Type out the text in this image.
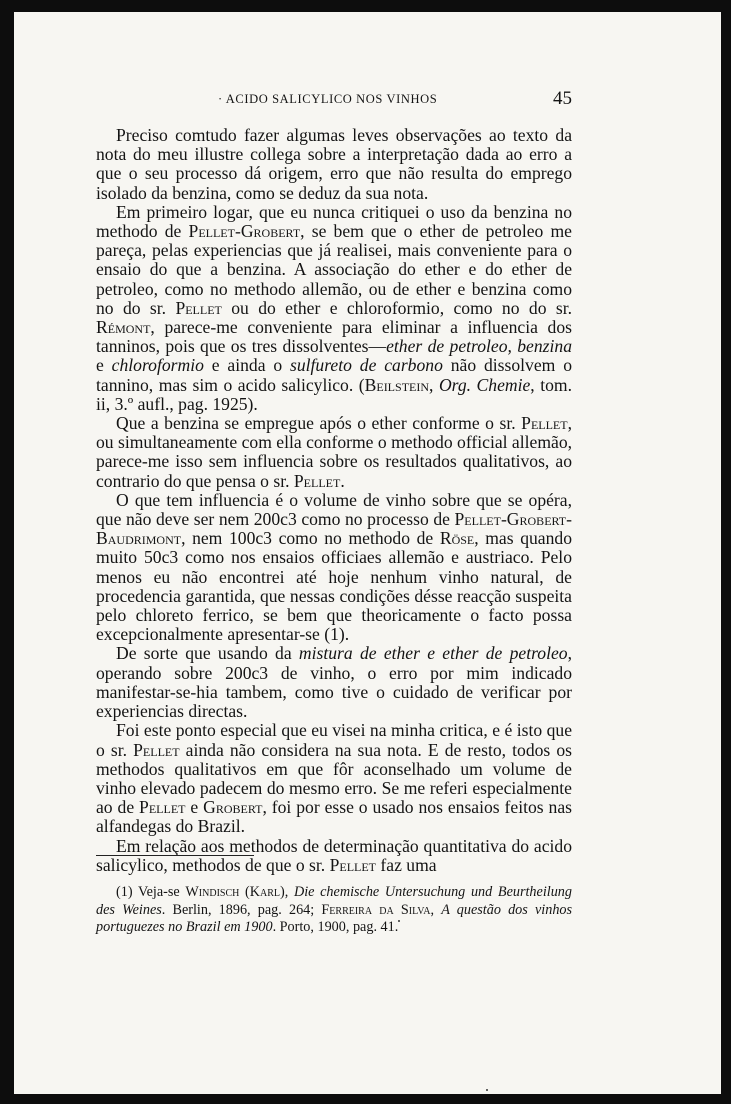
· ACIDO SALICYLICO NOS VINHOS	45

Preciso comtudo fazer algumas leves observações ao texto da nota do meu illustre collega sobre a interpretação dada ao erro a que o seu processo dá origem, erro que não resulta do emprego isolado da benzina, como se deduz da sua nota.

Em primeiro logar, que eu nunca critiquei o uso da benzina no methodo de Pellet-Grobert, se bem que o ether de petroleo me pareça, pelas experiencias que já realisei, mais conveniente para o ensaio do que a benzina. A associação do ether e do ether de petroleo, como no methodo allemão, ou de ether e benzina como no do sr. Pellet ou do ether e chloroformio, como no do sr. Rémont, parece-me conveniente para eliminar a influencia dos tanninos, pois que os tres dissolventes—ether de petroleo, benzina e chloroformio e ainda o sulfureto de carbono não dissolvem o tannino, mas sim o acido salicylico. (Beilstein, Org. Chemie, tom. ii, 3.º aufl., pag. 1925).

Que a benzina se empregue após o ether conforme o sr. Pellet, ou simultaneamente com ella conforme o methodo official allemão, parece-me isso sem influencia sobre os resultados qualitativos, ao contrario do que pensa o sr. Pellet.

O que tem influencia é o volume de vinho sobre que se opéra, que não deve ser nem 200c3 como no processo de Pellet-Grobert-Baudrimont, nem 100c3 como no methodo de Röse, mas quando muito 50c3 como nos ensaios officiaes allemão e austriaco. Pelo menos eu não encontrei até hoje nenhum vinho natural, de procedencia garantida, que nessas condições désse reacção suspeita pelo chloreto ferrico, se bem que theoricamente o facto possa excepcionalmente apresentar-se (1).

De sorte que usando da mistura de ether e ether de petroleo, operando sobre 200c3 de vinho, o erro por mim indicado manifestar-se-hia tambem, como tive o cuidado de verificar por experiencias directas.

Foi este ponto especial que eu visei na minha critica, e é isto que o sr. Pellet ainda não considera na sua nota. E de resto, todos os methodos qualitativos em que fôr aconselhado um volume de vinho elevado padecem do mesmo erro. Se me referi especialmente ao de Pellet e Grobert, foi por esse o usado nos ensaios feitos nas alfandegas do Brazil.

Em relação aos methodos de determinação quantitativa do acido salicylico, methodos de que o sr. Pellet faz uma

(1) Veja-se Windisch (Karl), Die chemische Untersuchung und Beurtheilung des Weines. Berlin, 1896, pag. 264; Ferreira da Silva, A questão dos vinhos portuguezes no Brazil em 1900. Porto, 1900, pag. 41.
